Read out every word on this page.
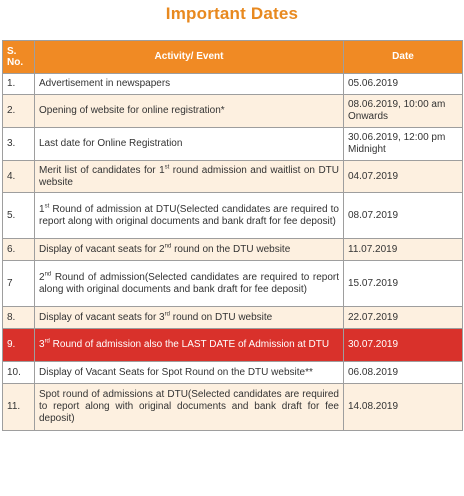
Important Dates
S. No.	Activity/ Event	Date
1.	Advertisement in newspapers	05.06.2019
2.	Opening of website for online registration*	08.06.2019, 10:00 am Onwards
3.	Last date for Online Registration	30.06.2019, 12:00 pm Midnight
4.	Merit list of candidates for 1st round admission and waitlist on DTU website	04.07.2019
5.	1st Round of admission at DTU(Selected candidates are required to report along with original documents and bank draft for fee deposit)	08.07.2019
6.	Display of vacant seats for 2nd round on the DTU website	11.07.2019
7	2nd Round of admission(Selected candidates are required to report along with original documents and bank draft for fee deposit)	15.07.2019
8.	Display of vacant seats for 3rd round on DTU website	22.07.2019
9.	3rd Round of admission also the LAST DATE of Admission at DTU	30.07.2019
10.	Display of Vacant Seats for Spot Round on the DTU website**	06.08.2019
11.	Spot round of admissions at DTU(Selected candidates are required to report along with original documents and bank draft for fee deposit)	14.08.2019
